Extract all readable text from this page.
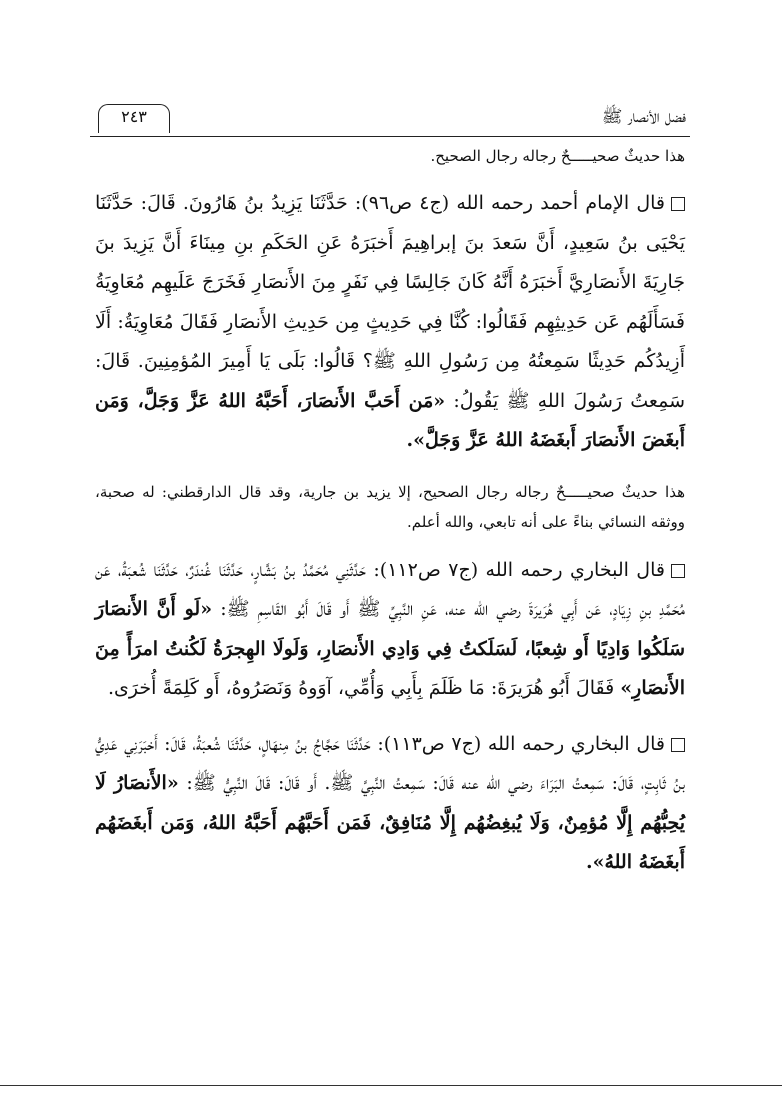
فضل الأنصار ﷺ
٢٤٣

هذا حديثٌ صحيـــــحٌ رجاله رجال الصحيح.

قال الإمام أحمد رحمه الله (ج٤ ص٩٦): حَدَّثَنَا يَزِيدُ بنُ هَارُونَ. قَالَ: حَدَّثَنَا يَحْيَى بنُ سَعِيدٍ، أَنَّ سَعدَ بنَ إبراهِيمَ أَخبَرَهُ عَنِ الحَكَمِ بنِ مِينَاءَ أَنَّ يَزِيدَ بنَ جَارِيَةَ الأَنصَارِيَّ أَخبَرَهُ أَنَّهُ كَانَ جَالِسًا فِي نَفَرٍ مِنَ الأَنصَارِ فَخَرَجَ عَلَيهِم مُعَاوِيَةُ فَسَأَلَهُم عَن حَدِيثِهِم فَقَالُوا: كُنَّا فِي حَدِيثٍ مِن حَدِيثِ الأَنصَارِ فَقَالَ مُعَاوِيَةُ: أَلَا أَزِيدُكُم حَدِيثًا سَمِعتُهُ مِن رَسُولِ اللهِ ﷺ؟ قَالُوا: بَلَى يَا أَمِيرَ المُؤمِنِينَ. قَالَ: سَمِعتُ رَسُولَ اللهِ ﷺ يَقُولُ: «مَن أَحَبَّ الأَنصَارَ، أَحَبَّهُ اللهُ عَزَّ وَجَلَّ، وَمَن أَبغَضَ الأَنصَارَ أَبغَضَهُ اللهُ عَزَّ وَجَلَّ».

هذا حديثٌ صحيـــــحٌ رجاله رجال الصحيح، إلا يزيد بن جارية، وقد قال الدارقطني: له صحبة، ووثقه النسائي بناءً على أنه تابعي، والله أعلم.

قال البخاري رحمه الله (ج٧ ص١١٢): حَدَّثَنِي مُحَمَّدُ بنُ بَشَّارٍ، حَدَّثَنَا غُندَرٌ، حَدَّثَنَا شُعبَةُ، عَن مُحَمَّدِ بنِ زِيَادٍ، عَن أَبِي هُرَيرَةَ رضي الله عنه، عَنِ النَّبِيِّ ﷺ أَو قَالَ أَبُو القَاسِمِ ﷺ: «لَو أَنَّ الأَنصَارَ سَلَكُوا وَادِيًا أَو شِعبًا، لَسَلَكتُ فِي وَادِي الأَنصَارِ، وَلَولَا الهِجرَةُ لَكُنتُ امرَأً مِنَ الأَنصَارِ» فَقَالَ أَبُو هُرَيرَةَ: مَا ظَلَمَ بِأَبِي وَأُمِّي، آوَوهُ وَنَصَرُوهُ، أَو كَلِمَةً أُخرَى.

قال البخاري رحمه الله (ج٧ ص١١٣): حَدَّثَنَا حَجَّاجُ بنُ مِنهَالٍ، حَدَّثَنَا شُعبَةُ، قَالَ: أَخبَرَنِي عَدِيُّ بنُ ثَابِتٍ، قَالَ: سَمِعتُ البَرَاءَ رضي الله عنه قَالَ: سَمِعتُ النَّبِيَّ ﷺ. أَو قَالَ: قَالَ النَّبِيُّ ﷺ: «الأَنصَارُ لَا يُحِبُّهُم إِلَّا مُؤمِنٌ، وَلَا يُبغِضُهُم إِلَّا مُنَافِقٌ، فَمَن أَحَبَّهُم أَحَبَّهُ اللهُ، وَمَن أَبغَضَهُم أَبغَضَهُ اللهُ».
